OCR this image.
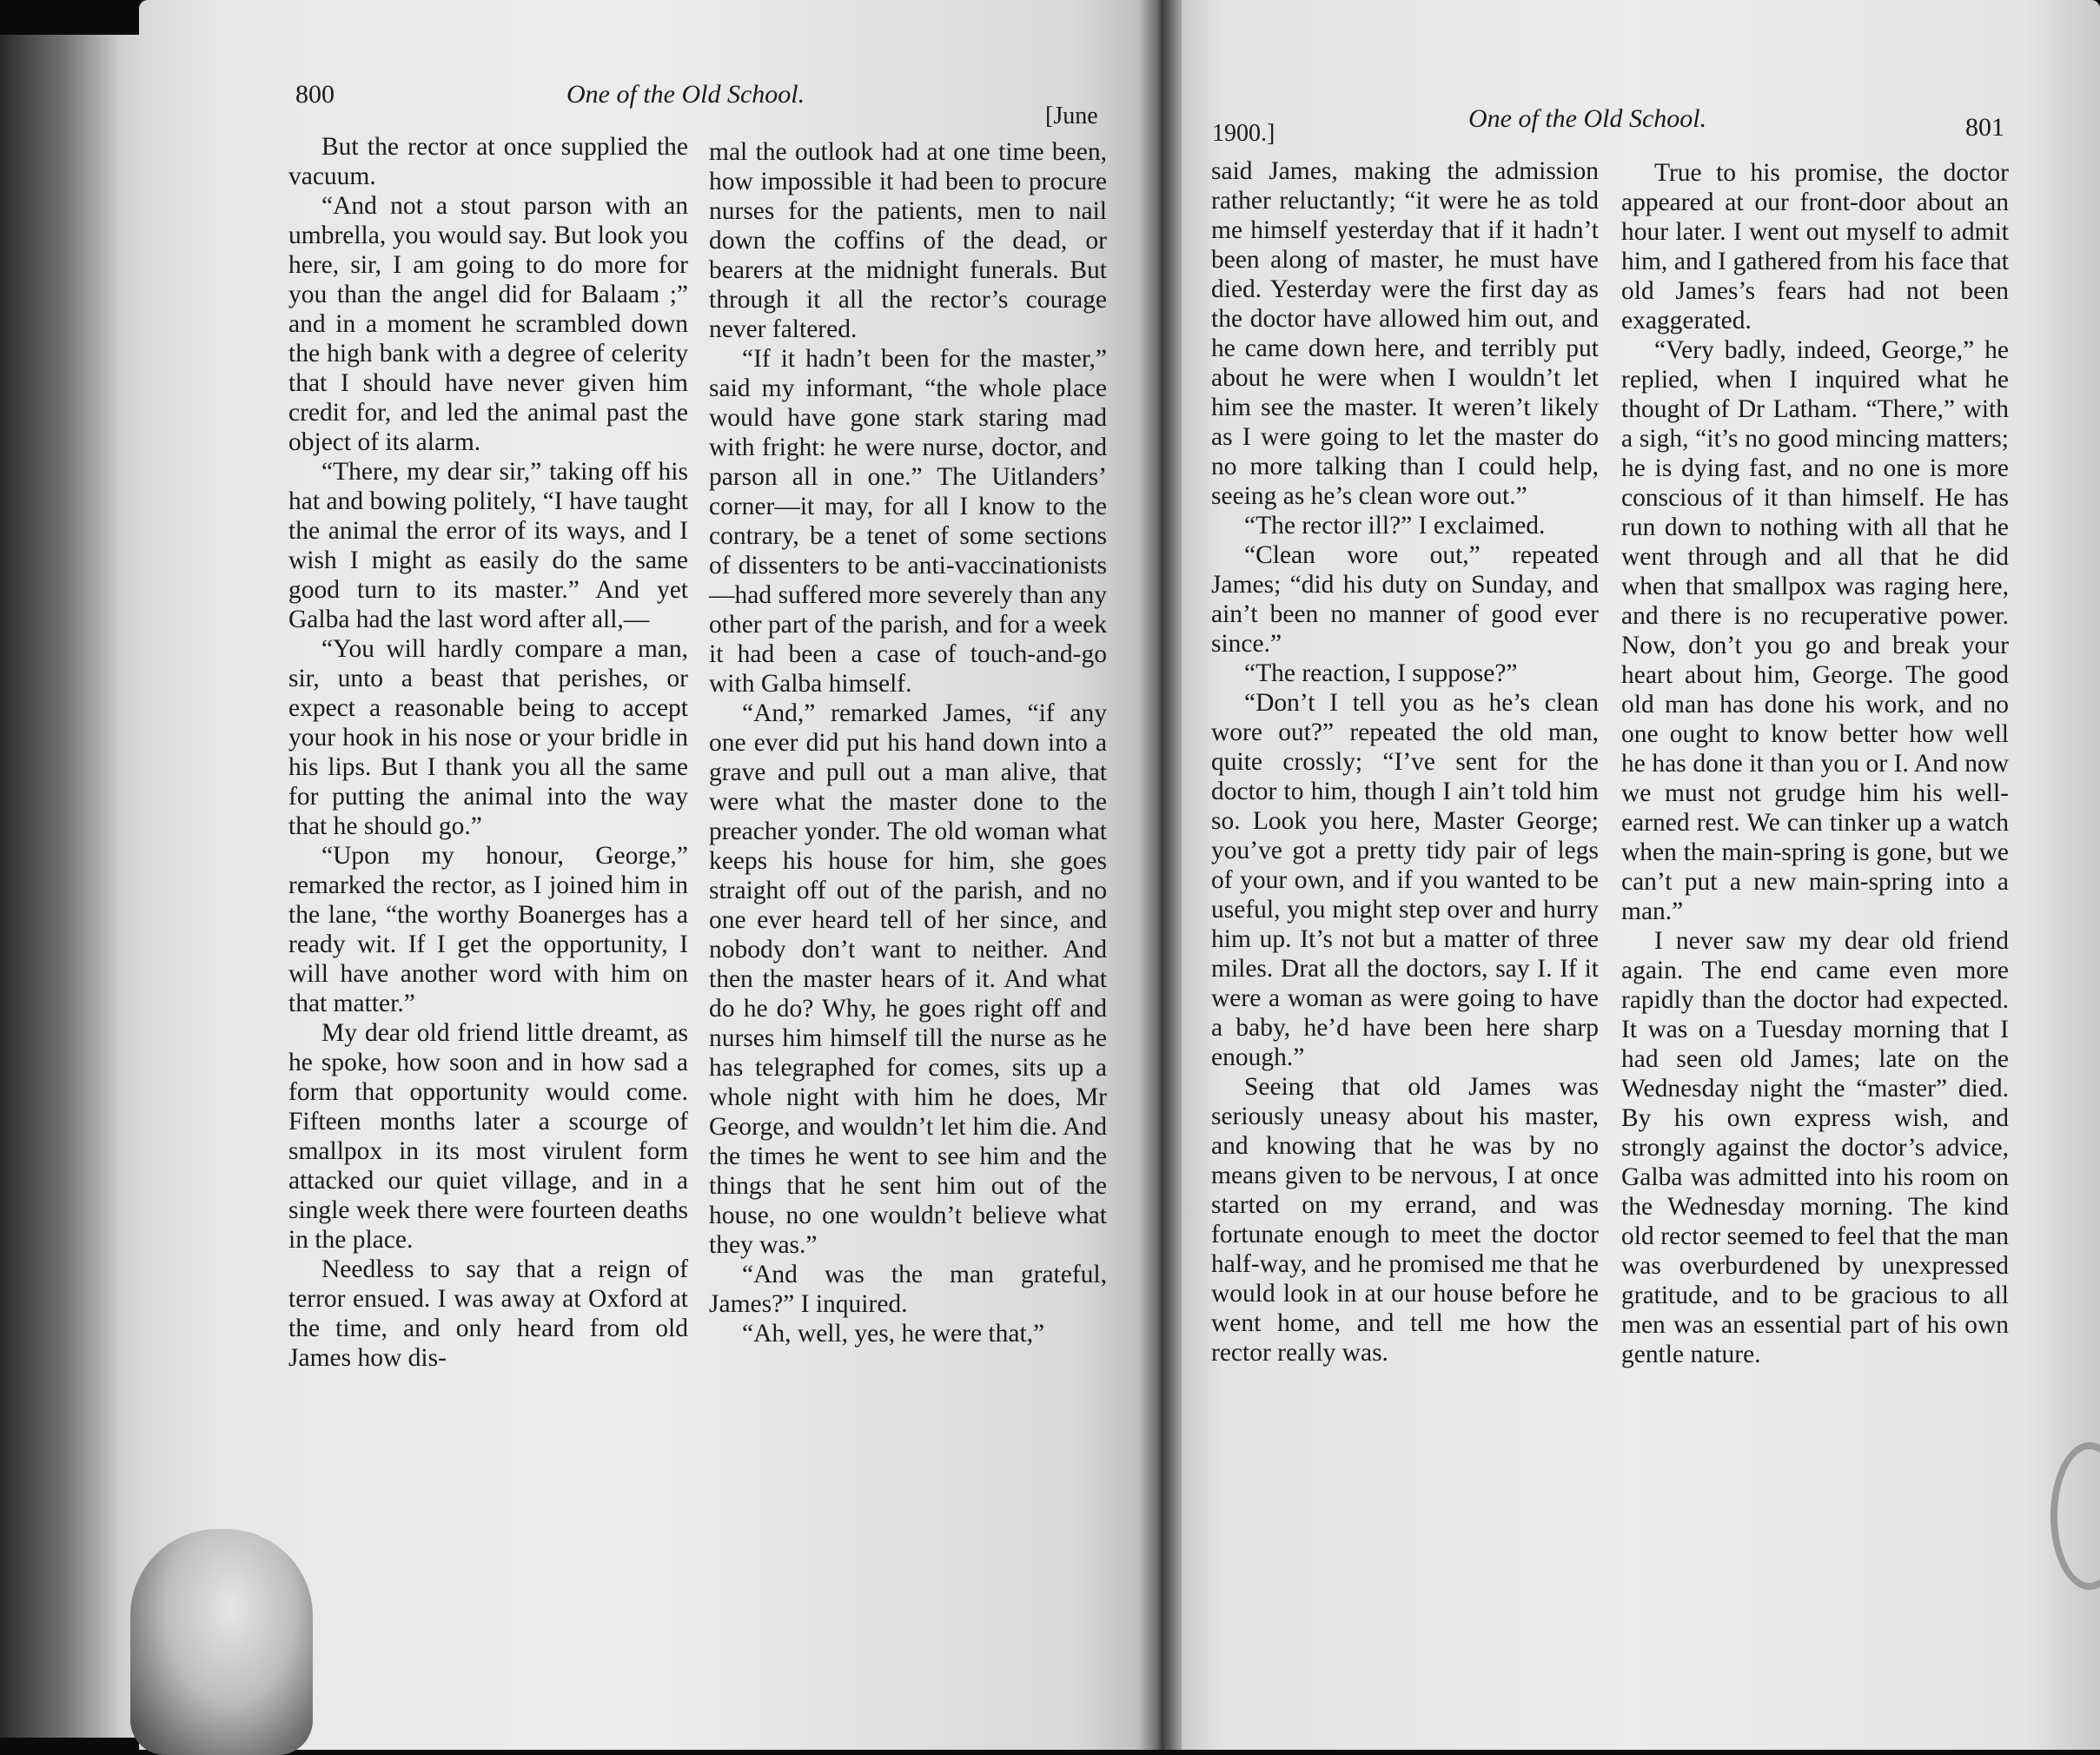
800	One of the Old School.
[June

But the rector at once supplied the vacuum.

“And not a stout parson with an umbrella, you would say. But look you here, sir, I am going to do more for you than the angel did for Balaam ;” and in a moment he scrambled down the high bank with a degree of celerity that I should have never given him credit for, and led the animal past the object of its alarm.

“There, my dear sir,” taking off his hat and bowing politely, “I have taught the animal the error of its ways, and I wish I might as easily do the same good turn to its master.” And yet Galba had the last word after all,—

“You will hardly compare a man, sir, unto a beast that perishes, or expect a reasonable being to accept your hook in his nose or your bridle in his lips. But I thank you all the same for putting the animal into the way that he should go.”

“Upon my honour, George,” remarked the rector, as I joined him in the lane, “the worthy Boanerges has a ready wit. If I get the opportunity, I will have another word with him on that matter.”

My dear old friend little dreamt, as he spoke, how soon and in how sad a form that opportunity would come. Fifteen months later a scourge of smallpox in its most virulent form attacked our quiet village, and in a single week there were fourteen deaths in the place.

Needless to say that a reign of terror ensued. I was away at Oxford at the time, and only heard from old James how dis-

mal the outlook had at one time been, how impossible it had been to procure nurses for the patients, men to nail down the coffins of the dead, or bearers at the midnight funerals. But through it all the rector’s courage never faltered.

“If it hadn’t been for the master,” said my informant, “the whole place would have gone stark staring mad with fright: he were nurse, doctor, and parson all in one.” The Uitlanders’ corner—it may, for all I know to the contrary, be a tenet of some sections of dissenters to be anti-vaccinationists —had suffered more severely than any other part of the parish, and for a week it had been a case of touch-and-go with Galba himself.

“And,” remarked James, “if any one ever did put his hand down into a grave and pull out a man alive, that were what the master done to the preacher yonder. The old woman what keeps his house for him, she goes straight off out of the parish, and no one ever heard tell of her since, and nobody don’t want to neither. And then the master hears of it. And what do he do? Why, he goes right off and nurses him himself till the nurse as he has telegraphed for comes, sits up a whole night with him he does, Mr George, and wouldn’t let him die. And the times he went to see him and the things that he sent him out of the house, no one wouldn’t believe what they was.”

“And was the man grateful, James?” I inquired.

“Ah, well, yes, he were that,”

1900.]
One of the Old School.	801

said James, making the admission rather reluctantly; “it were he as told me himself yesterday that if it hadn’t been along of master, he must have died. Yesterday were the first day as the doctor have allowed him out, and he came down here, and terribly put about he were when I wouldn’t let him see the master. It weren’t likely as I were going to let the master do no more talking than I could help, seeing as he’s clean wore out.”

“The rector ill?” I exclaimed.

“Clean wore out,” repeated James; “did his duty on Sunday, and ain’t been no manner of good ever since.”

“The reaction, I suppose?”

“Don’t I tell you as he’s clean wore out?” repeated the old man, quite crossly; “I’ve sent for the doctor to him, though I ain’t told him so. Look you here, Master George; you’ve got a pretty tidy pair of legs of your own, and if you wanted to be useful, you might step over and hurry him up. It’s not but a matter of three miles. Drat all the doctors, say I. If it were a woman as were going to have a baby, he’d have been here sharp enough.”

Seeing that old James was seriously uneasy about his master, and knowing that he was by no means given to be nervous, I at once started on my errand, and was fortunate enough to meet the doctor half-way, and he promised me that he would look in at our house before he went home, and tell me how the rector really was.

True to his promise, the doctor appeared at our front-door about an hour later. I went out myself to admit him, and I gathered from his face that old James’s fears had not been exaggerated.

“Very badly, indeed, George,” he replied, when I inquired what he thought of Dr Latham. “There,” with a sigh, “it’s no good mincing matters; he is dying fast, and no one is more conscious of it than himself. He has run down to nothing with all that he went through and all that he did when that smallpox was raging here, and there is no recuperative power. Now, don’t you go and break your heart about him, George. The good old man has done his work, and no one ought to know better how well he has done it than you or I. And now we must not grudge him his well-earned rest. We can tinker up a watch when the main-spring is gone, but we can’t put a new main-spring into a man.”

I never saw my dear old friend again. The end came even more rapidly than the doctor had expected. It was on a Tuesday morning that I had seen old James; late on the Wednesday night the “master” died. By his own express wish, and strongly against the doctor’s advice, Galba was admitted into his room on the Wednesday morning. The kind old rector seemed to feel that the man was overburdened by unexpressed gratitude, and to be gracious to all men was an essential part of his own gentle nature.
